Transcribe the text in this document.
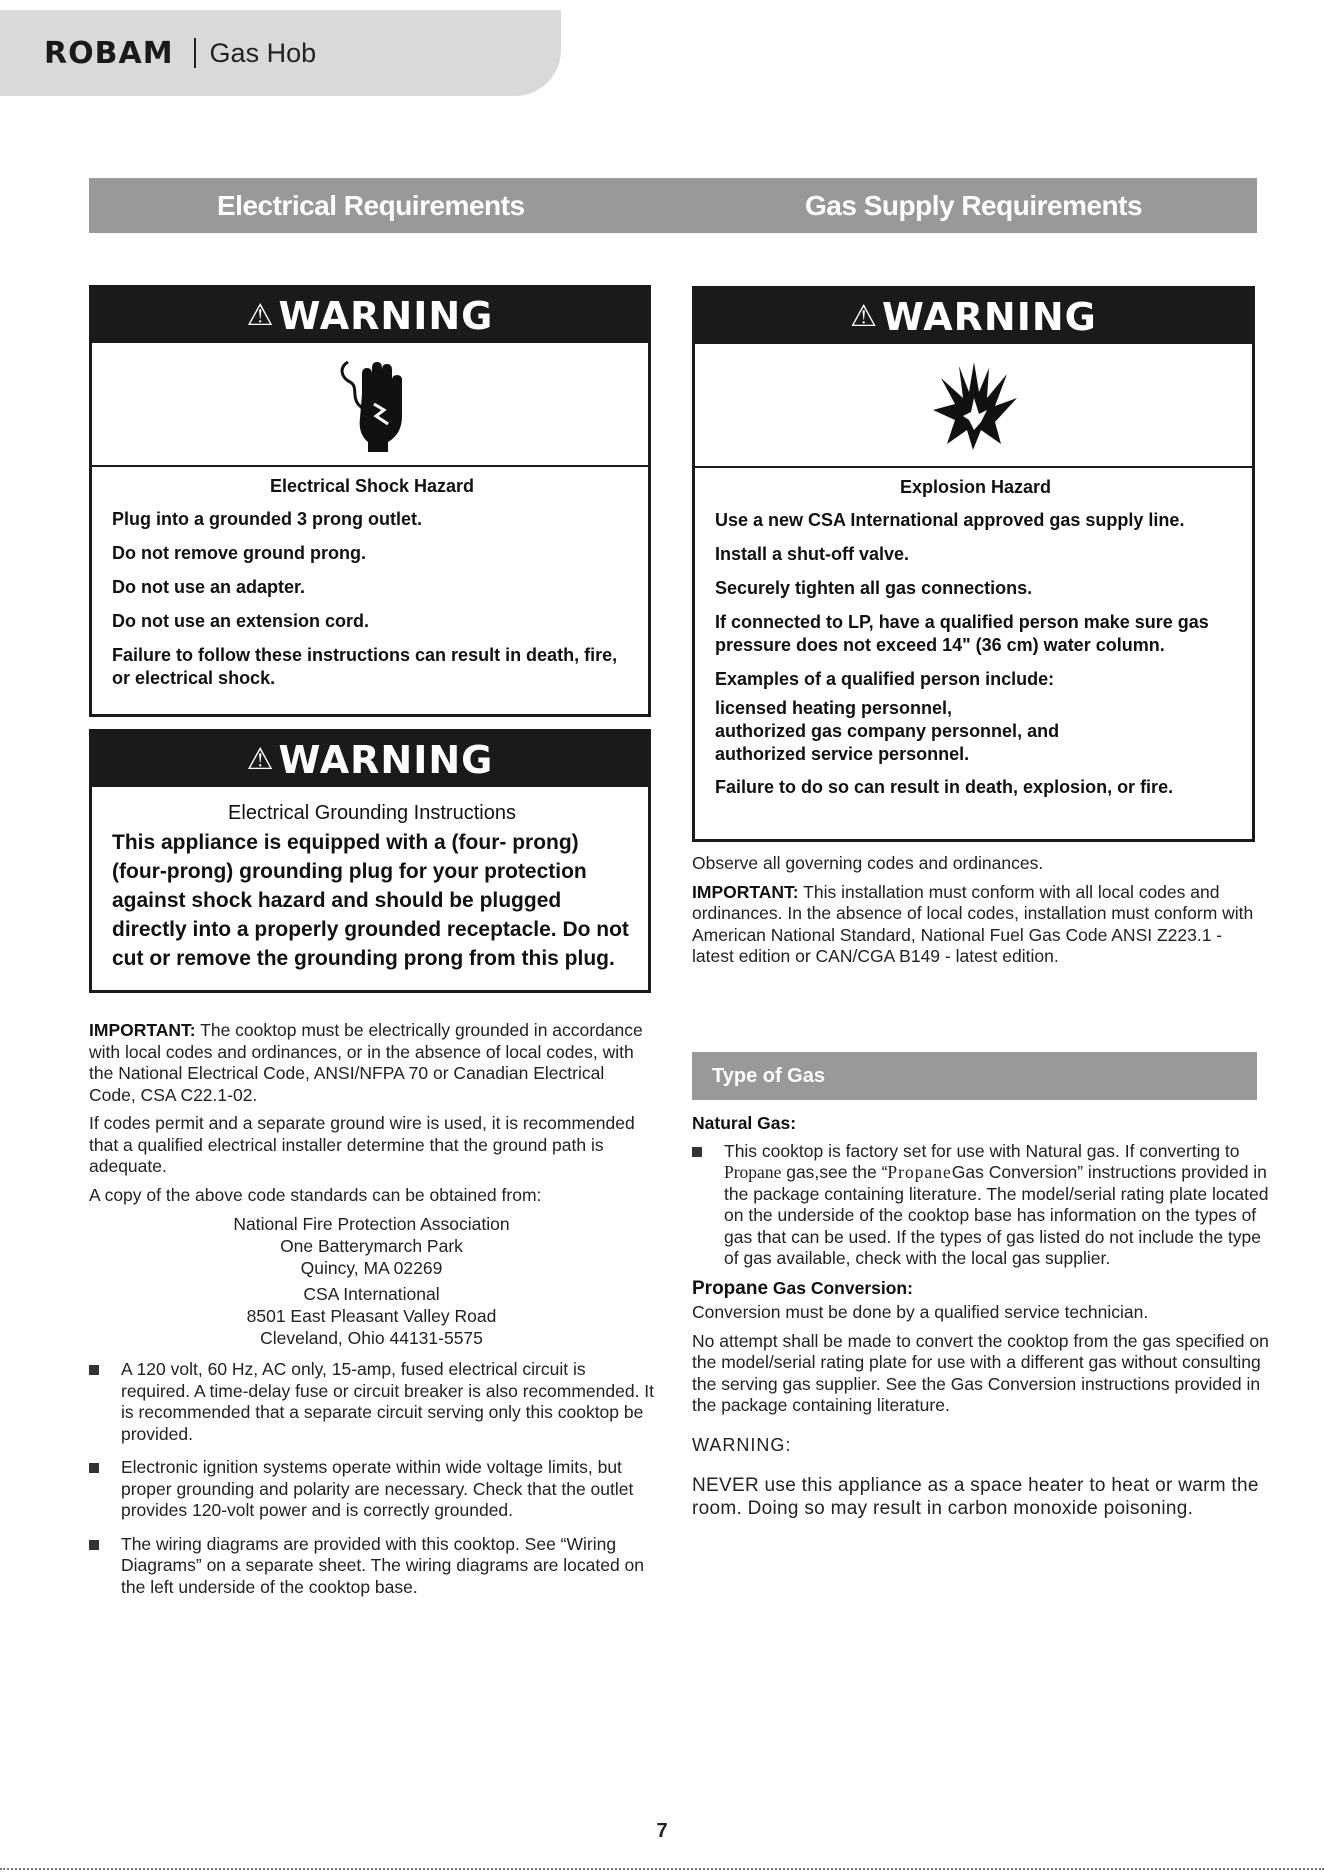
ROBAM Gas Hob
Electrical Requirements	Gas Supply Requirements
⚠ WARNING
Electrical Shock Hazard

Plug into a grounded 3 prong outlet.

Do not remove ground prong.

Do not use an adapter.

Do not use an extension cord.

Failure to follow these instructions can result in death, fire, or electrical shock.

⚠ WARNING
Electrical Grounding Instructions
This appliance is equipped with a (four- prong) (four-prong) grounding plug for your protection against shock hazard and should be plugged directly into a properly grounded receptacle. Do not cut or remove the grounding prong from this plug.

IMPORTANT: The cooktop must be electrically grounded in accordance with local codes and ordinances, or in the absence of local codes, with the National Electrical Code, ANSI/NFPA 70 or Canadian Electrical Code, CSA C22.1-02.

If codes permit and a separate ground wire is used, it is recommended that a qualified electrical installer determine that the ground path is adequate.

A copy of the above code standards can be obtained from:

National Fire Protection Association
One Batterymarch Park
Quincy, MA 02269
CSA International
8501 East Pleasant Valley Road
Cleveland, Ohio 44131-5575
A 120 volt, 60 Hz, AC only, 15-amp, fused electrical circuit is required. A time-delay fuse or circuit breaker is also recommended. It is recommended that a separate circuit serving only this cooktop be provided.
Electronic ignition systems operate within wide voltage limits, but proper grounding and polarity are necessary. Check that the outlet provides 120-volt power and is correctly grounded.
The wiring diagrams are provided with this cooktop. See “Wiring Diagrams” on a separate sheet. The wiring diagrams are located on the left underside of the cooktop base.
⚠ WARNING
Explosion Hazard

Use a new CSA International approved gas supply line.

Install a shut-off valve.

Securely tighten all gas connections.

If connected to LP, have a qualified person make sure gas pressure does not exceed 14" (36 cm) water column.

Examples of a qualified person include:

licensed heating personnel,
authorized gas company personnel, and
authorized service personnel.

Failure to do so can result in death, explosion, or fire.

Observe all governing codes and ordinances.

IMPORTANT: This installation must conform with all local codes and ordinances. In the absence of local codes, installation must conform with American National Standard, National Fuel Gas Code ANSI Z223.1 - latest edition or CAN/CGA B149 - latest edition.

Type of Gas

Natural Gas:

This cooktop is factory set for use with Natural gas. If converting to Propane gas,see the “PropaneGas Conversion” instructions provided in the package containing literature. The model/serial rating plate located on the underside of the cooktop base has information on the types of gas that can be used. If the types of gas listed do not include the type of gas available, check with the local gas supplier.

Propane Gas Conversion:

Conversion must be done by a qualified service technician.

No attempt shall be made to convert the cooktop from the gas specified on the model/serial rating plate for use with a different gas without consulting the serving gas supplier. See the Gas Conversion instructions provided in the package containing literature.

WARNING:

NEVER use this appliance as a space heater to heat or warm the room. Doing so may result in carbon monoxide poisoning.

7
